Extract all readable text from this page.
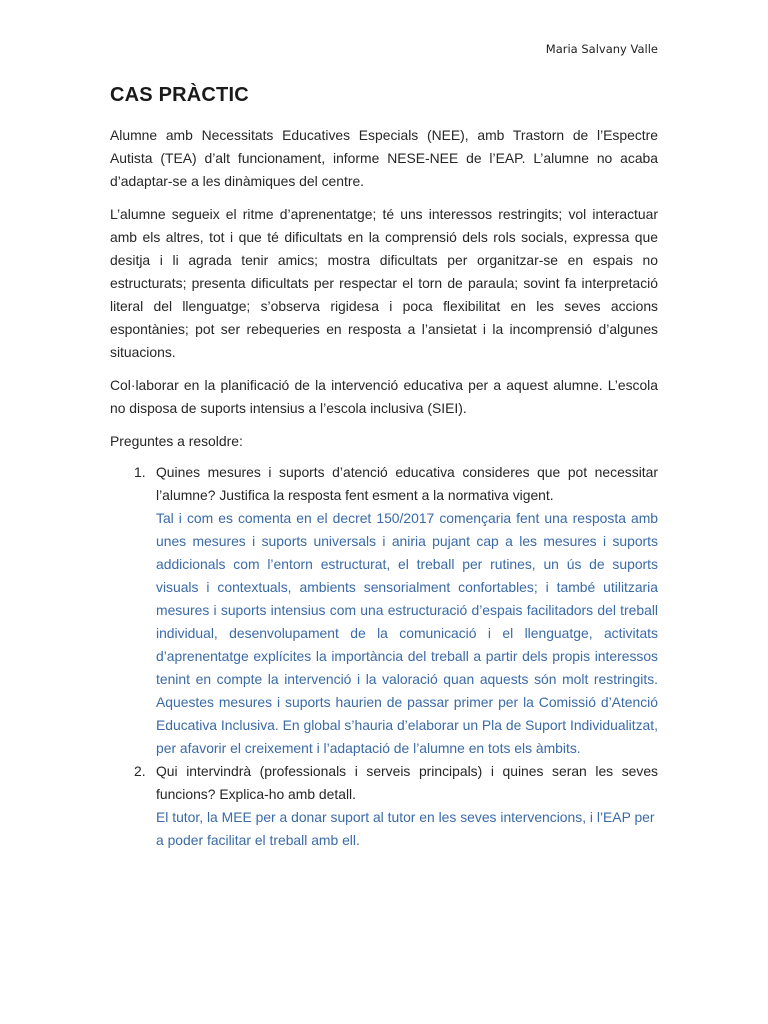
Maria Salvany Valle
CAS PRÀCTIC

Alumne amb Necessitats Educatives Especials (NEE), amb Trastorn de l’Espectre Autista (TEA) d’alt funcionament, informe NESE-NEE de l’EAP. L’alumne no acaba d’adaptar-se a les dinàmiques del centre.

L’alumne segueix el ritme d’aprenentatge; té uns interessos restringits; vol interactuar amb els altres, tot i que té dificultats en la comprensió dels rols socials, expressa que desitja i li agrada tenir amics; mostra dificultats per organitzar-se en espais no estructurats; presenta dificultats per respectar el torn de paraula; sovint fa interpretació literal del llenguatge; s’observa rigidesa i poca flexibilitat en les seves accions espontànies; pot ser rebequeries en resposta a l’ansietat i la incomprensió d’algunes situacions.

Col·laborar en la planificació de la intervenció educativa per a aquest alumne. L’escola no disposa de suports intensius a l’escola inclusiva (SIEI).

Preguntes a resoldre:

1. Quines mesures i suports d’atenció educativa consideres que pot necessitar l’alumne? Justifica la resposta fent esment a la normativa vigent.

Tal i com es comenta en el decret 150/2017 començaria fent una resposta amb unes mesures i suports universals i aniria pujant cap a les mesures i suports addicionals com l’entorn estructurat, el treball per rutines, un ús de suports visuals i contextuals, ambients sensorialment confortables; i també utilitzaria mesures i suports intensius com una estructuració d’espais facilitadors del treball individual, desenvolupament de la comunicació i el llenguatge, activitats d’aprenentatge explícites la importància del treball a partir dels propis interessos tenint en compte la intervenció i la valoració quan aquests són molt restringits. Aquestes mesures i suports haurien de passar primer per la Comissió d’Atenció Educativa Inclusiva. En global s’hauria d’elaborar un Pla de Suport Individualitzat, per afavorir el creixement i l’adaptació de l’alumne en tots els àmbits.

2. Qui intervindrà (professionals i serveis principals) i quines seran les seves funcions? Explica-ho amb detall.

El tutor, la MEE per a donar suport al tutor en les seves intervencions, i l’EAP per a poder facilitar el treball amb ell.
